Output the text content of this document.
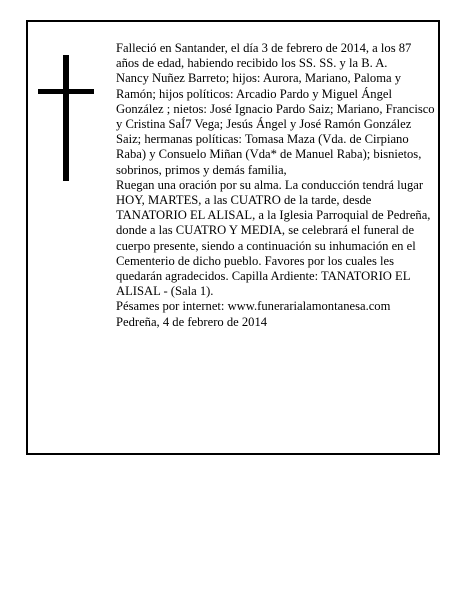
Falleció en Santander, el día 3 de febrero de 2014, a los 87 años de edad, habiendo recibido los SS. SS. y la B. A.

Nancy Nuñez Barreto; hijos: Aurora, Mariano, Paloma y Ramón; hijos políticos: Arcadio Pardo y Miguel Ángel González ; nietos: José Ignacio Pardo Saiz; Mariano, Francisco y Cristina SaÍ7 Vega; Jesús Ángel y José Ramón González Saiz; hermanas políticas: Tomasa Maza (Vda. de Cirpiano Raba) y Consuelo Miñan (Vda* de Manuel Raba); bisnietos, sobrinos, primos y demás familia,

Ruegan una oración por su alma. La conducción tendrá lugar HOY, MARTES, a las CUATRO de la tarde, desde TANATORIO EL ALISAL, a la Iglesia Parroquial de Pedreña, donde a las CUATRO Y MEDIA, se celebrará el funeral de cuerpo presente, siendo a continuación su inhumación en el Cementerio de dicho pueblo. Favores por los cuales les quedarán agradecidos. Capilla Ardiente: TANATORIO EL ALISAL - (Sala 1).

Pésames por internet: www.funerarialamontanesa.com

Pedreña, 4 de febrero de 2014
